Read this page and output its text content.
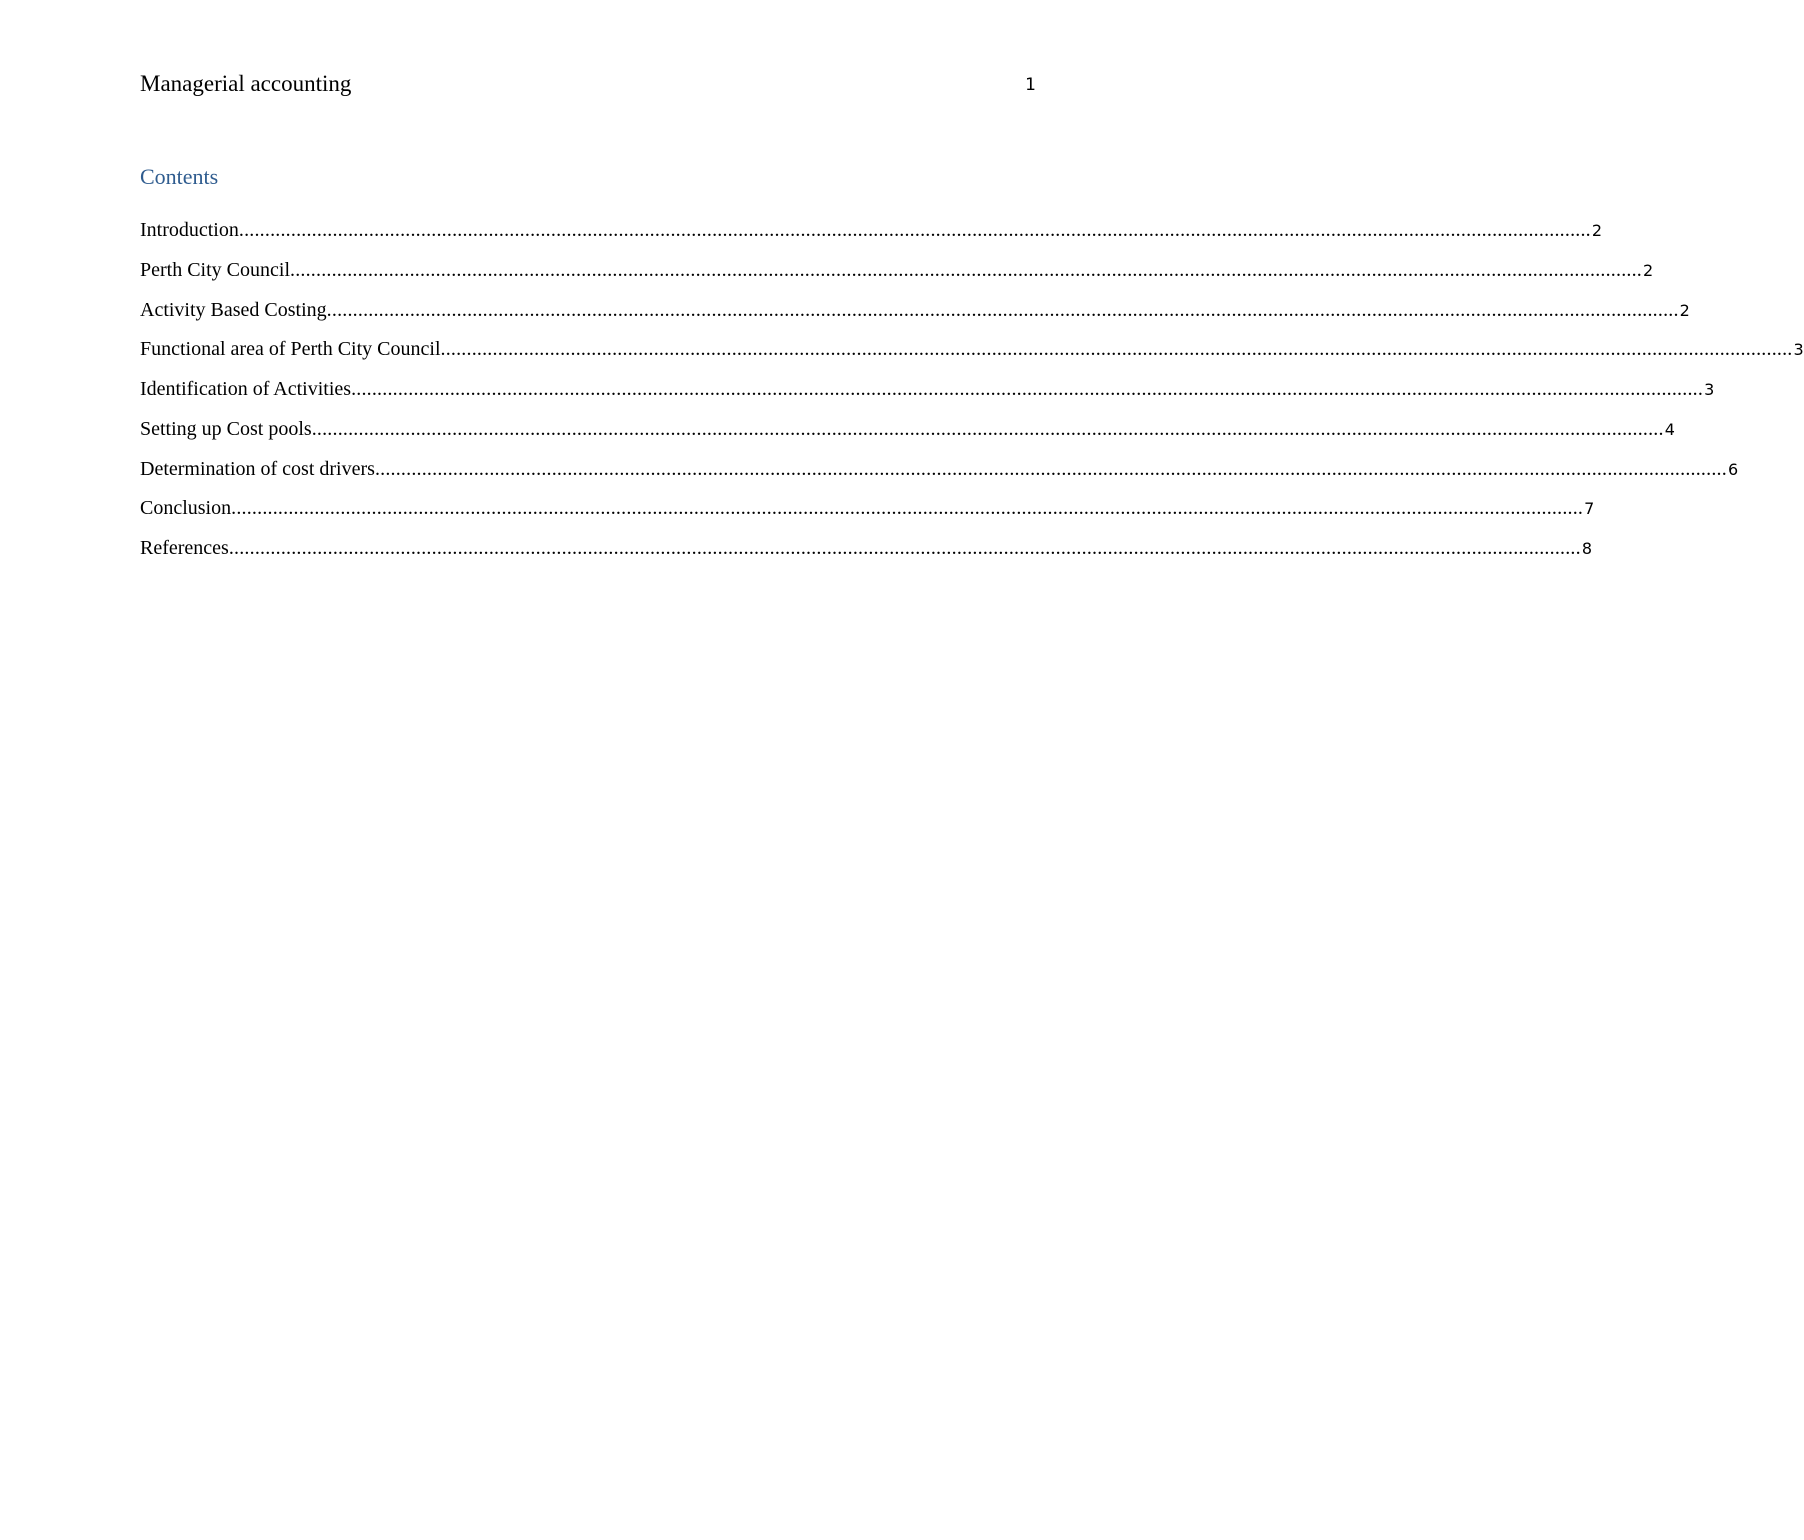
Managerial accounting	1
Contents
Introduction .................................................................................................................................................................................................................................................................... 2
Perth City Council .................................................................................................................................................................................................................................................................... 2
Activity Based Costing .................................................................................................................................................................................................................................................................... 2
Functional area of Perth City Council .................................................................................................................................................................................................................................................................... 3
Identification of Activities .................................................................................................................................................................................................................................................................... 3
Setting up Cost pools .................................................................................................................................................................................................................................................................... 4
Determination of cost drivers .................................................................................................................................................................................................................................................................... 6
Conclusion .................................................................................................................................................................................................................................................................... 7
References .................................................................................................................................................................................................................................................................... 8
